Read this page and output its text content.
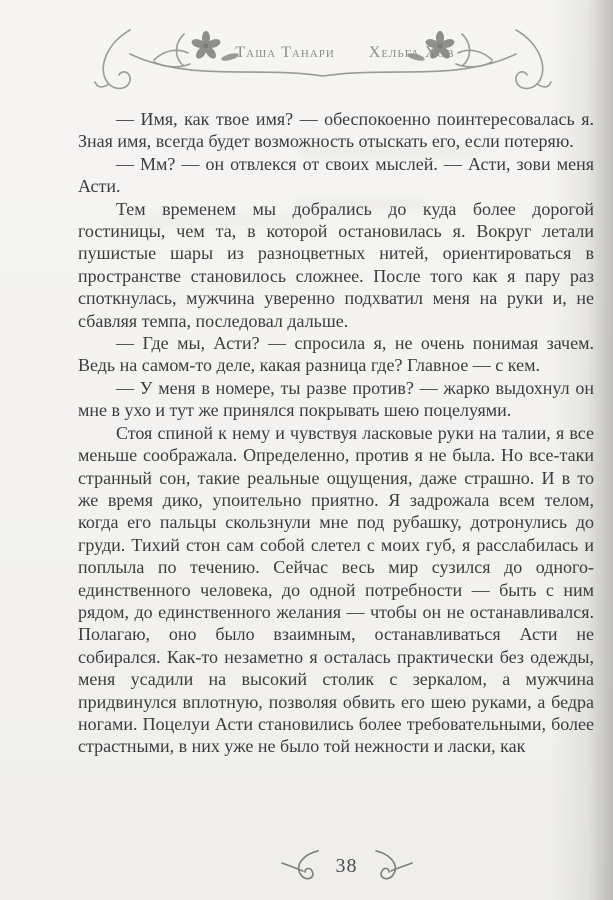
Таша Танари Хельга Хов

— Имя, как твое имя? — обеспокоенно поинтересовалась я. Зная имя, всегда будет возможность отыскать его, если потеряю.

— Мм? — он отвлекся от своих мыслей. — Асти, зови меня Асти.

Тем временем мы добрались до куда более дорогой гостиницы, чем та, в которой остановилась я. Вокруг летали пушистые шары из разноцветных нитей, ориентироваться в пространстве становилось сложнее. После того как я пару раз споткнулась, мужчина уверенно подхватил меня на руки и, не сбавляя темпа, последовал дальше.

— Где мы, Асти? — спросила я, не очень понимая зачем. Ведь на самом-то деле, какая разница где? Главное — с кем.

— У меня в номере, ты разве против? — жарко выдохнул он мне в ухо и тут же принялся покрывать шею поцелуями.

Стоя спиной к нему и чувствуя ласковые руки на талии, я все меньше соображала. Определенно, против я не была. Но все-таки странный сон, такие реальные ощущения, даже страшно. И в то же время дико, упоительно приятно. Я задрожала всем телом, когда его пальцы скользнули мне под рубашку, дотронулись до груди. Тихий стон сам собой слетел с моих губ, я расслабилась и поплыла по течению. Сейчас весь мир сузился до одного-единственного человека, до одной потребности — быть с ним рядом, до единственного желания — чтобы он не останавливался. Полагаю, оно было взаимным, останавливаться Асти не собирался. Как-то незаметно я осталась практически без одежды, меня усадили на высокий столик с зеркалом, а мужчина придвинулся вплотную, позволяя обвить его шею руками, а бедра ногами. Поцелуи Асти становились более требовательными, более страстными, в них уже не было той нежности и ласки, как

38
